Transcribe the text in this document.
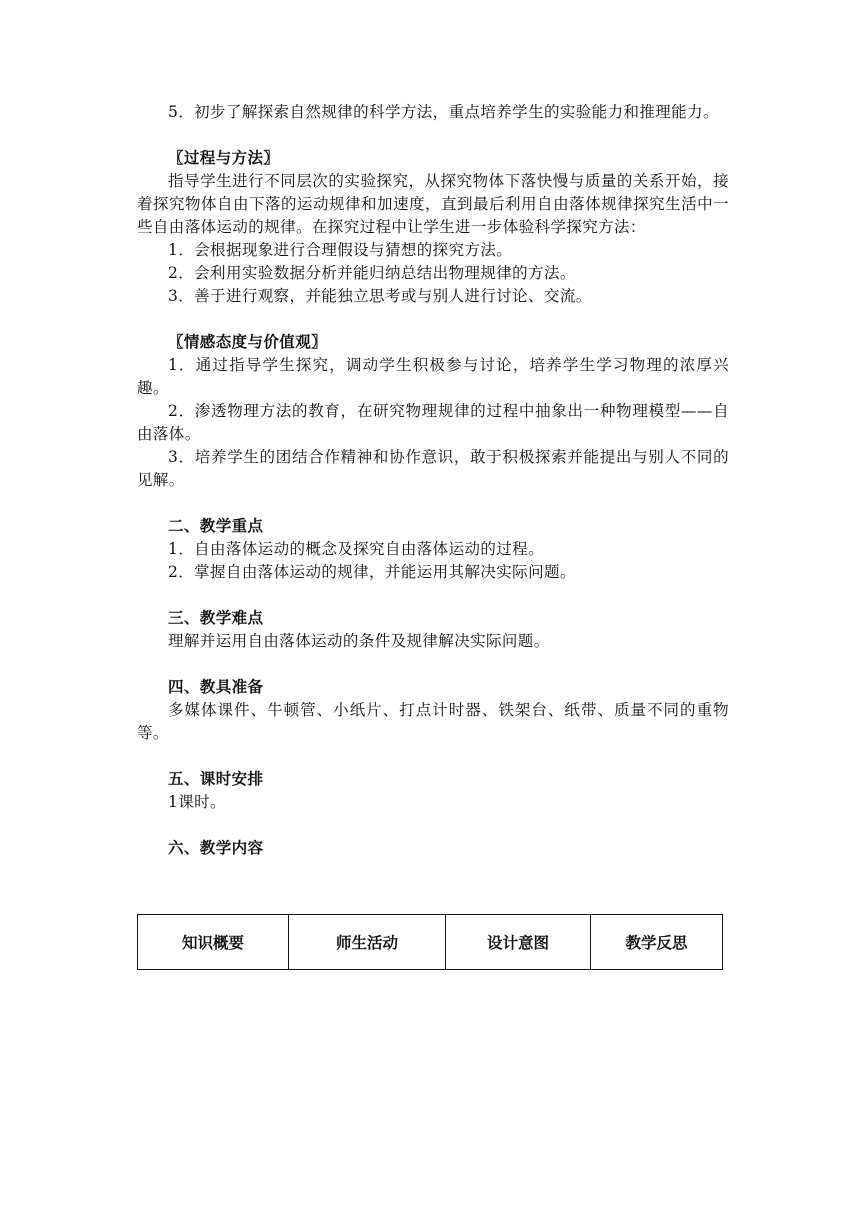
5．初步了解探索自然规律的科学方法，重点培养学生的实验能力和推理能力。

〖过程与方法〗

指导学生进行不同层次的实验探究，从探究物体下落快慢与质量的关系开始，接着探究物体自由下落的运动规律和加速度，直到最后利用自由落体规律探究生活中一些自由落体运动的规律。在探究过程中让学生进一步体验科学探究方法：

1．会根据现象进行合理假设与猜想的探究方法。

2．会利用实验数据分析并能归纳总结出物理规律的方法。

3．善于进行观察，并能独立思考或与别人进行讨论、交流。

〖情感态度与价值观〗

1．通过指导学生探究，调动学生积极参与讨论，培养学生学习物理的浓厚兴趣。

2．渗透物理方法的教育，在研究物理规律的过程中抽象出一种物理模型——自由落体。

3．培养学生的团结合作精神和协作意识，敢于积极探索并能提出与别人不同的见解。

二、教学重点

1．自由落体运动的概念及探究自由落体运动的过程。

2．掌握自由落体运动的规律，并能运用其解决实际问题。

三、教学难点

理解并运用自由落体运动的条件及规律解决实际问题。

四、教具准备

多媒体课件、牛顿管、小纸片、打点计时器、铁架台、纸带、质量不同的重物等。

五、课时安排

1课时。

六、教学内容

知识概要	师生活动	设计意图	教学反思
